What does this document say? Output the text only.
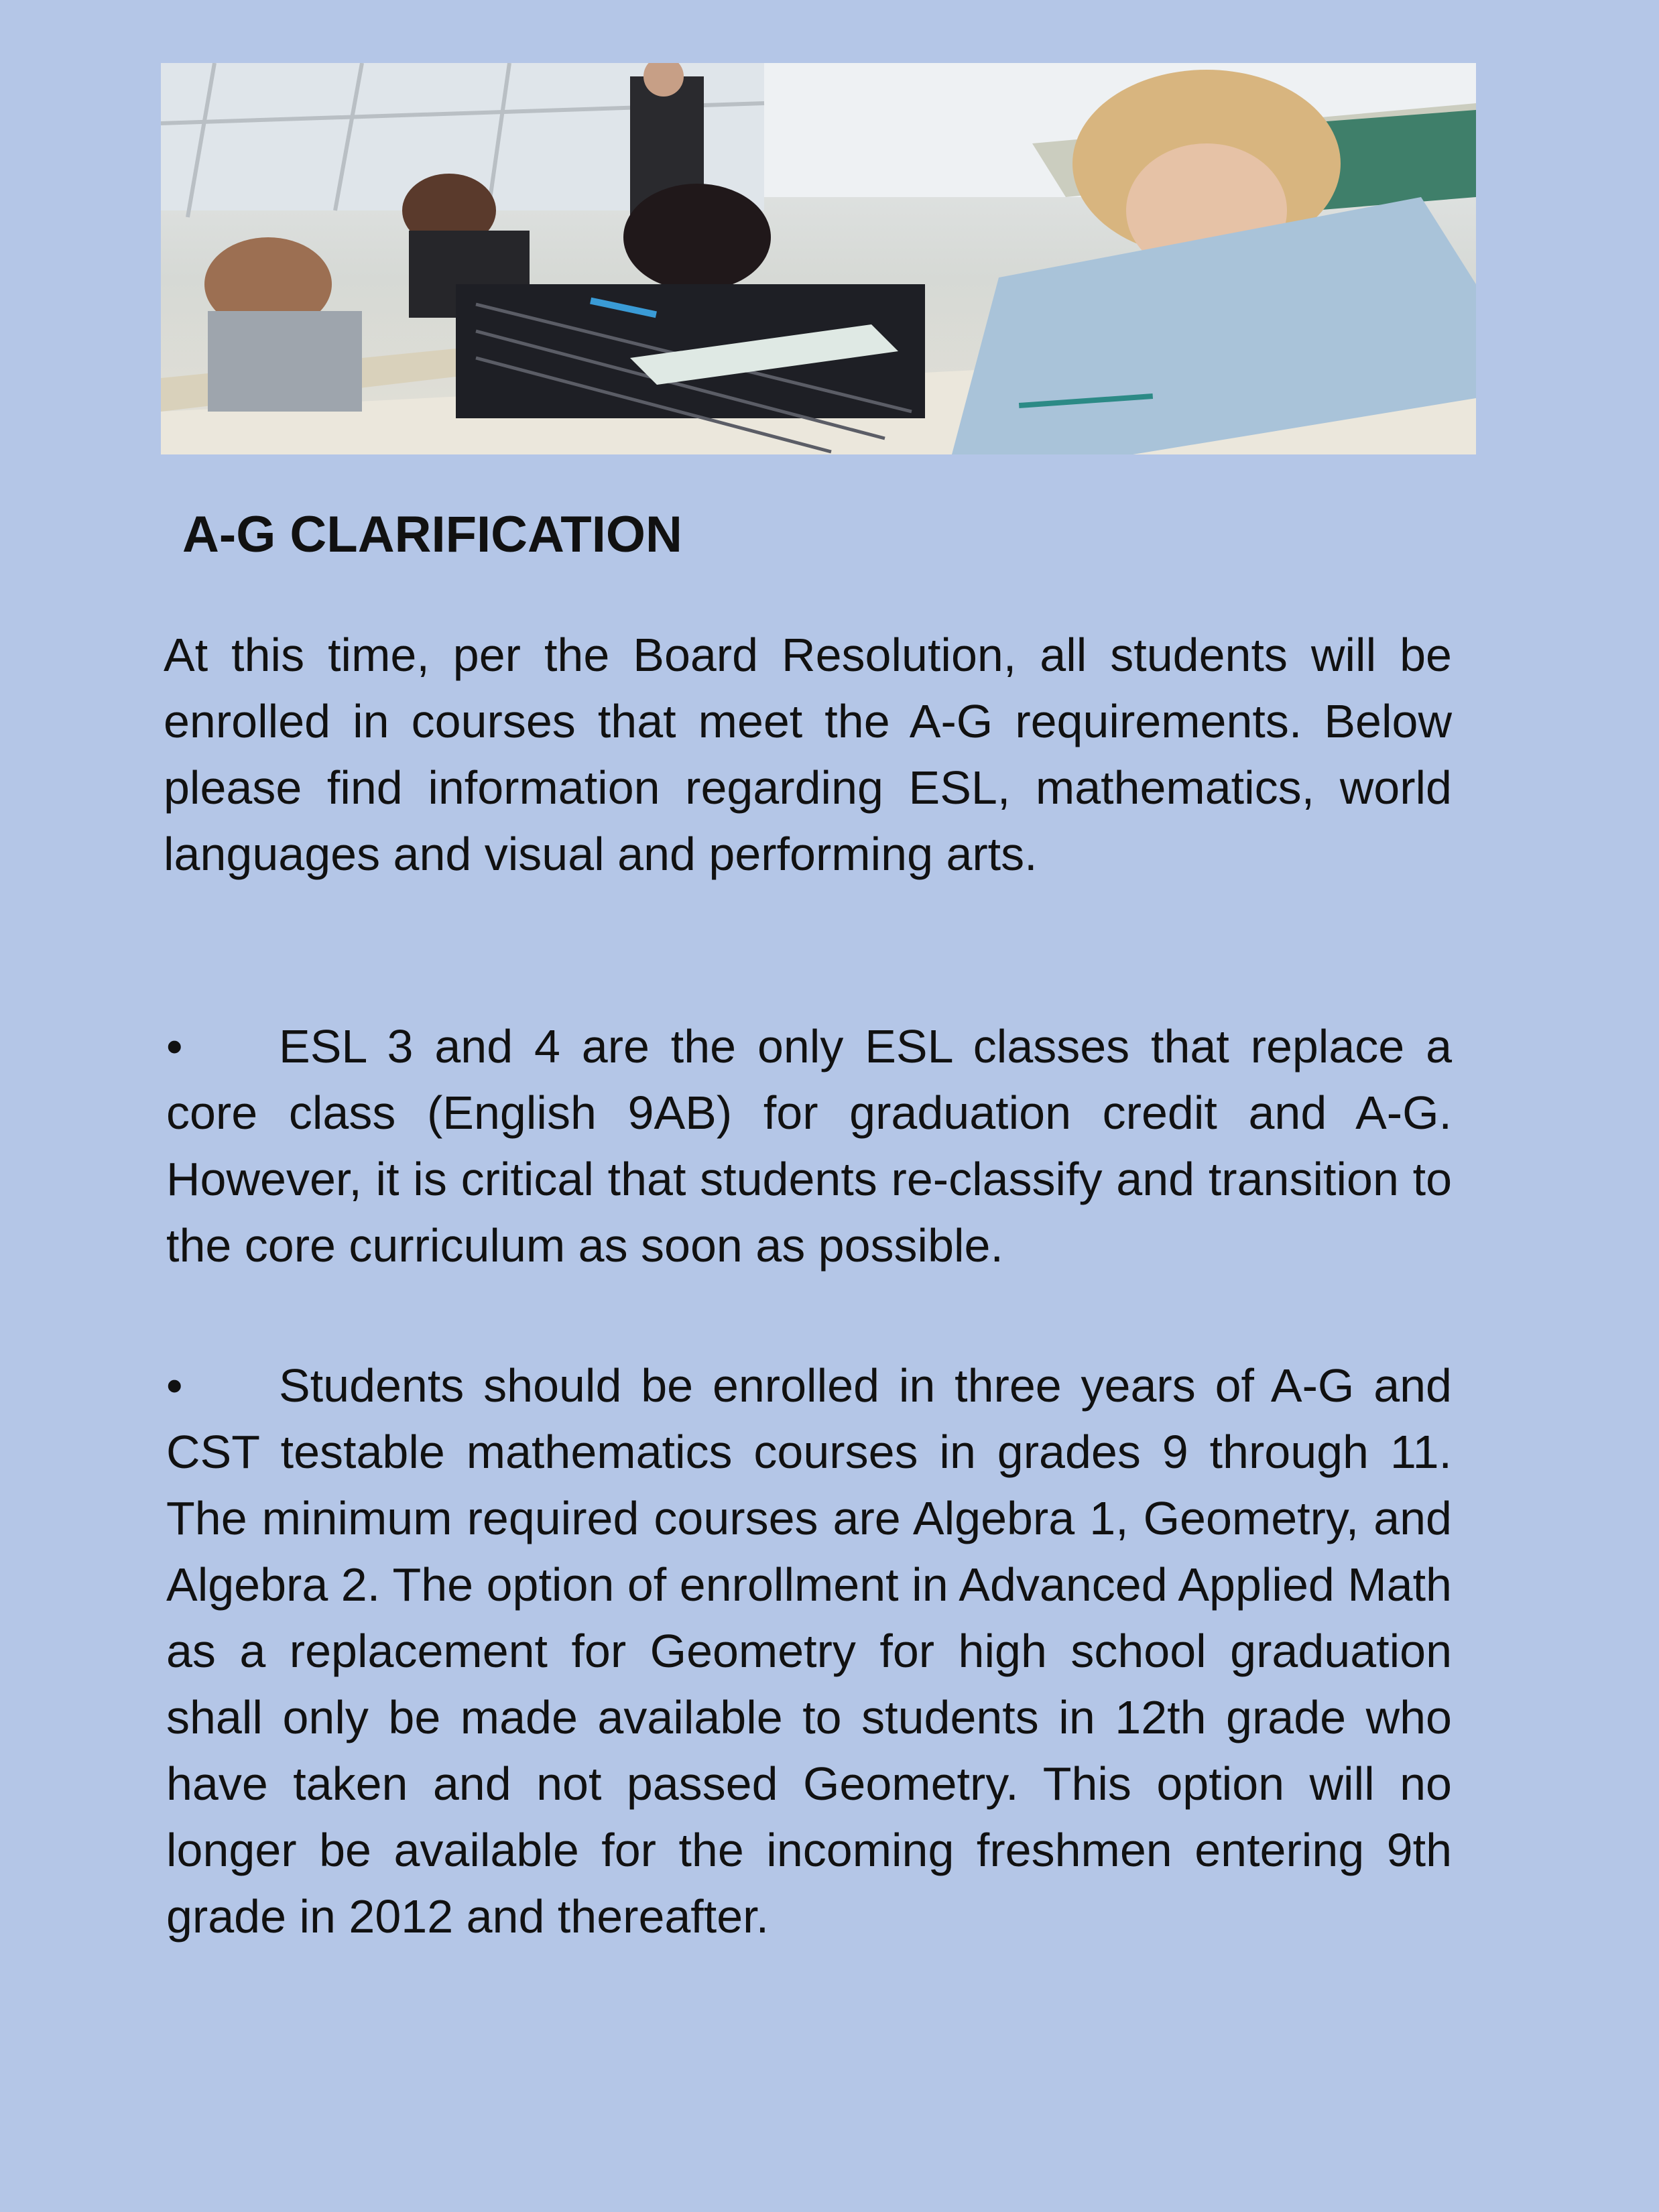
A-G CLARIFICATION

At this time, per the Board Resolution, all students will be enrolled in courses that meet the A-G requirements. Below please find information regarding ESL, mathematics, world languages and visual and performing arts.

• ESL 3 and 4 are the only ESL classes that replace a core class (English 9AB) for graduation credit and A-G. However, it is critical that students re-classify and transition to the core curriculum as soon as possible.

• Students should be enrolled in three years of A-G and CST testable mathematics courses in grades 9 through 11. The minimum required courses are Algebra 1, Geometry, and Algebra 2. The option of enrollment in Advanced Applied Math as a replacement for Geometry for high school graduation shall only be made available to students in 12th grade who have taken and not passed Geometry. This option will no longer be available for the incoming freshmen entering 9th grade in 2012 and thereafter.
